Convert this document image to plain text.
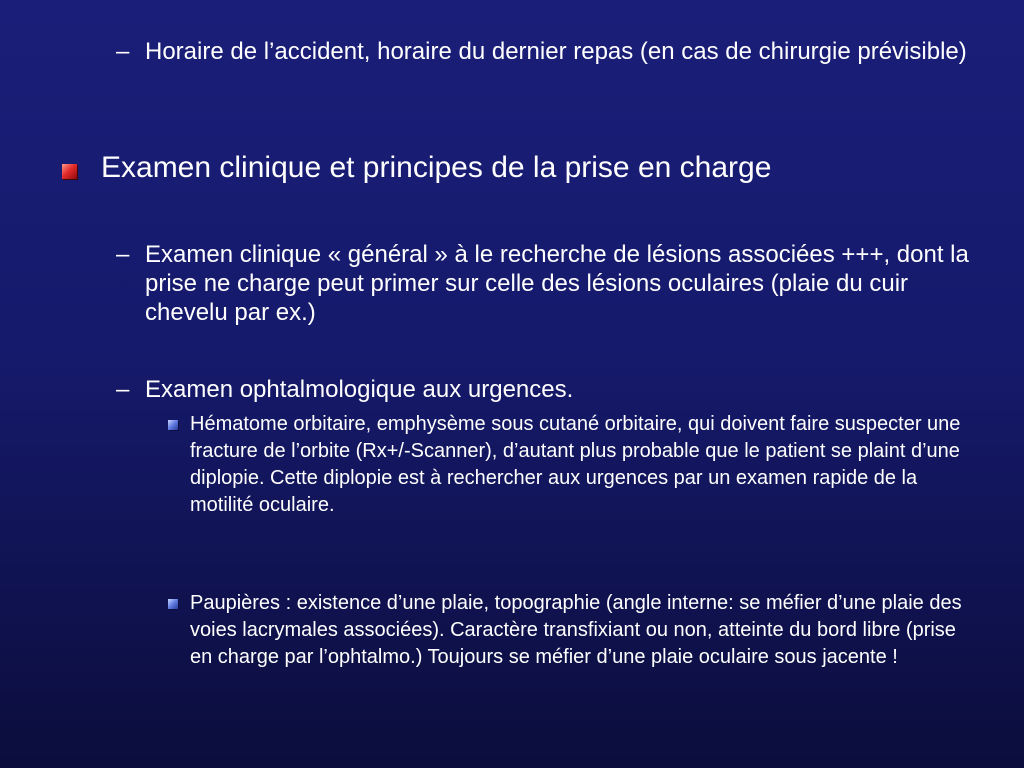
– Horaire de l’accident, horaire du dernier repas (en cas de chirurgie prévisible)
Examen clinique et principes de la prise en charge
– Examen clinique « général » à le recherche de lésions associées +++, dont la prise ne charge peut primer sur celle des lésions oculaires (plaie du cuir chevelu par ex.)
– Examen ophtalmologique aux urgences.
Hématome orbitaire, emphysème sous cutané orbitaire, qui doivent faire suspecter une fracture de l’orbite (Rx+/-Scanner), d’autant plus probable que le patient se plaint d’une diplopie. Cette diplopie est à rechercher aux urgences par un examen rapide de la motilité oculaire.
Paupières : existence d’une plaie, topographie (angle interne: se méfier d’une plaie des voies lacrymales associées). Caractère transfixiant ou non, atteinte du bord libre (prise en charge par l’ophtalmo.) Toujours se méfier d’une plaie oculaire sous jacente !
